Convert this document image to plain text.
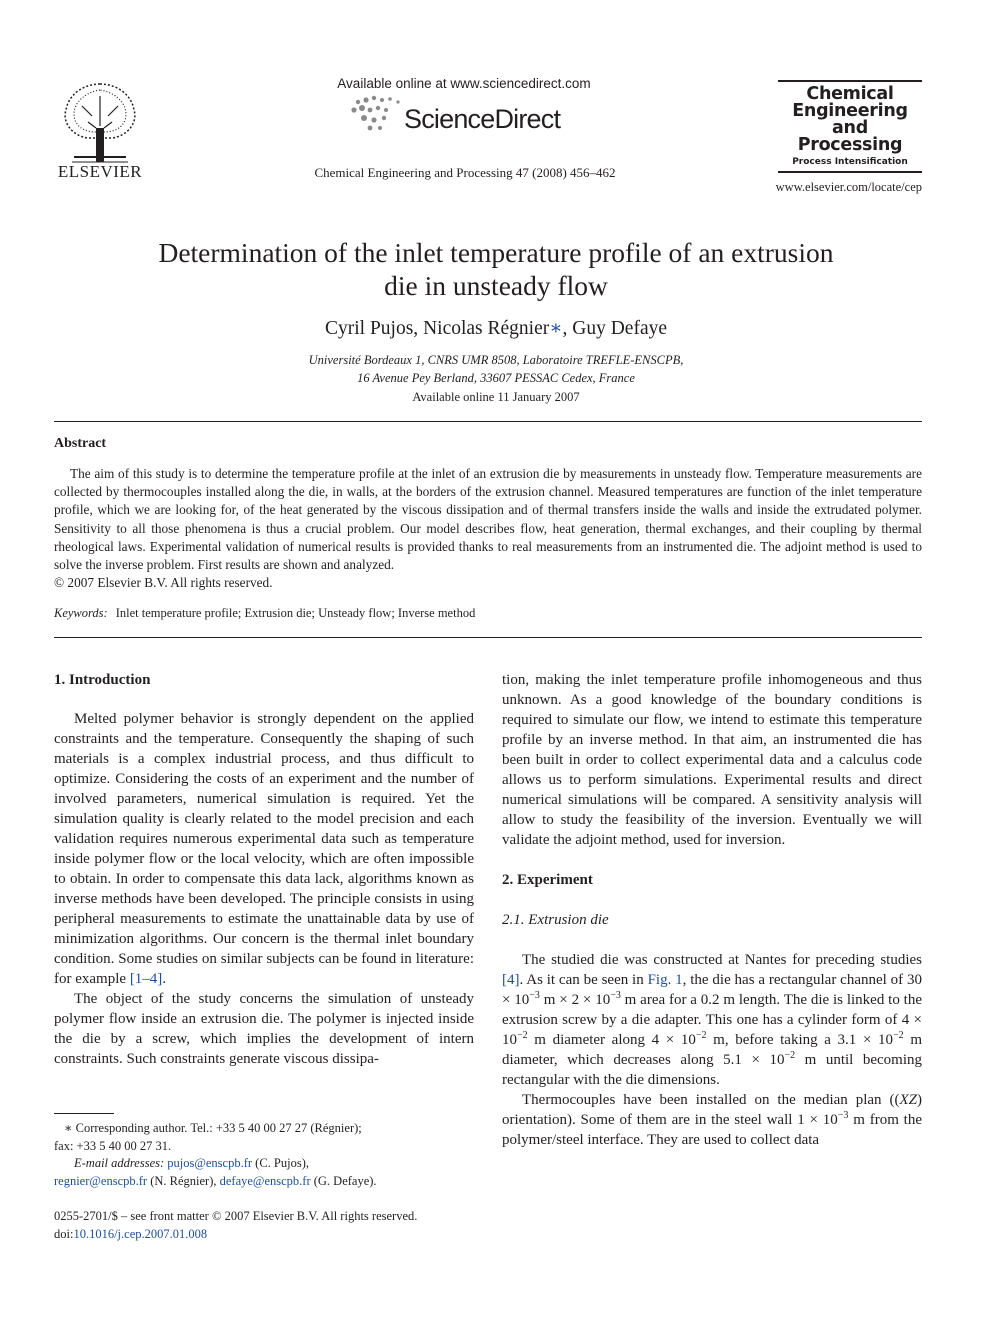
ELSEVIER
Available online at www.sciencedirect.com
ScienceDirect
Chemical Engineering and Processing 47 (2008) 456–462
Chemical
Engineering
and
Processing
Process Intensification
www.elsevier.com/locate/cep
Determination of the inlet temperature profile of an extrusion
die in unsteady flow
Cyril Pujos, Nicolas Régnier∗, Guy Defaye
Université Bordeaux 1, CNRS UMR 8508, Laboratoire TREFLE-ENSCPB,
16 Avenue Pey Berland, 33607 PESSAC Cedex, France
Available online 11 January 2007
Abstract

The aim of this study is to determine the temperature profile at the inlet of an extrusion die by measurements in unsteady flow. Temperature measurements are collected by thermocouples installed along the die, in walls, at the borders of the extrusion channel. Measured temperatures are function of the inlet temperature profile, which we are looking for, of the heat generated by the viscous dissipation and of thermal transfers inside the walls and inside the extrudated polymer. Sensitivity to all those phenomena is thus a crucial problem. Our model describes flow, heat generation, thermal exchanges, and their coupling by thermal rheological laws. Experimental validation of numerical results is provided thanks to real measurements from an instrumented die. The adjoint method is used to solve the inverse problem. First results are shown and analyzed.

© 2007 Elsevier B.V. All rights reserved.

Keywords: Inlet temperature profile; Extrusion die; Unsteady flow; Inverse method
1. Introduction

Melted polymer behavior is strongly dependent on the applied constraints and the temperature. Consequently the shaping of such materials is a complex industrial process, and thus difficult to optimize. Considering the costs of an experiment and the number of involved parameters, numerical simulation is required. Yet the simulation quality is clearly related to the model precision and each validation requires numerous experimental data such as temperature inside polymer flow or the local velocity, which are often impossible to obtain. In order to compensate this data lack, algorithms known as inverse methods have been developed. The principle consists in using peripheral measurements to estimate the unattainable data by use of minimization algorithms. Our concern is the thermal inlet boundary condition. Some studies on similar subjects can be found in literature: for example [1–4].

The object of the study concerns the simulation of unsteady polymer flow inside an extrusion die. The polymer is injected inside the die by a screw, which implies the development of intern constraints. Such constraints generate viscous dissipa-

tion, making the inlet temperature profile inhomogeneous and thus unknown. As a good knowledge of the boundary conditions is required to simulate our flow, we intend to estimate this temperature profile by an inverse method. In that aim, an instrumented die has been built in order to collect experimental data and a calculus code allows us to perform simulations. Experimental results and direct numerical simulations will be compared. A sensitivity analysis will allow to study the feasibility of the inversion. Eventually we will validate the adjoint method, used for inversion.

2. Experiment
2.1. Extrusion die

The studied die was constructed at Nantes for preceding studies [4]. As it can be seen in Fig. 1, the die has a rectangular channel of $30 \times 10^{-3}$ $m \times 2 \times 10^{-3}$ m area for a 0.2 m length. The die is linked to the extrusion screw by a die adapter. This one has a cylinder form of $4 \times 10^{-2}$ m diameter along $4 \times 10^{-2}$ m, before taking a $3.1 \times 10^{-2}$ m diameter, which decreases along $5.1 \times 10^{-2}$ m until becoming rectangular with the die dimensions.

Thermocouples have been installed on the median plan ((XZ) orientation). Some of them are in the steel wall $1 \times 10^{-3}$ m from the polymer/steel interface. They are used to collect data

∗ Corresponding author. Tel.: +33 5 40 00 27 27 (Régnier);

fax: +33 5 40 00 27 31.

E-mail addresses: pujos@enscpb.fr (C. Pujos),

regnier@enscpb.fr (N. Régnier), defaye@enscpb.fr (G. Defaye).

0255-2701/$ – see front matter © 2007 Elsevier B.V. All rights reserved.

doi:10.1016/j.cep.2007.01.008
